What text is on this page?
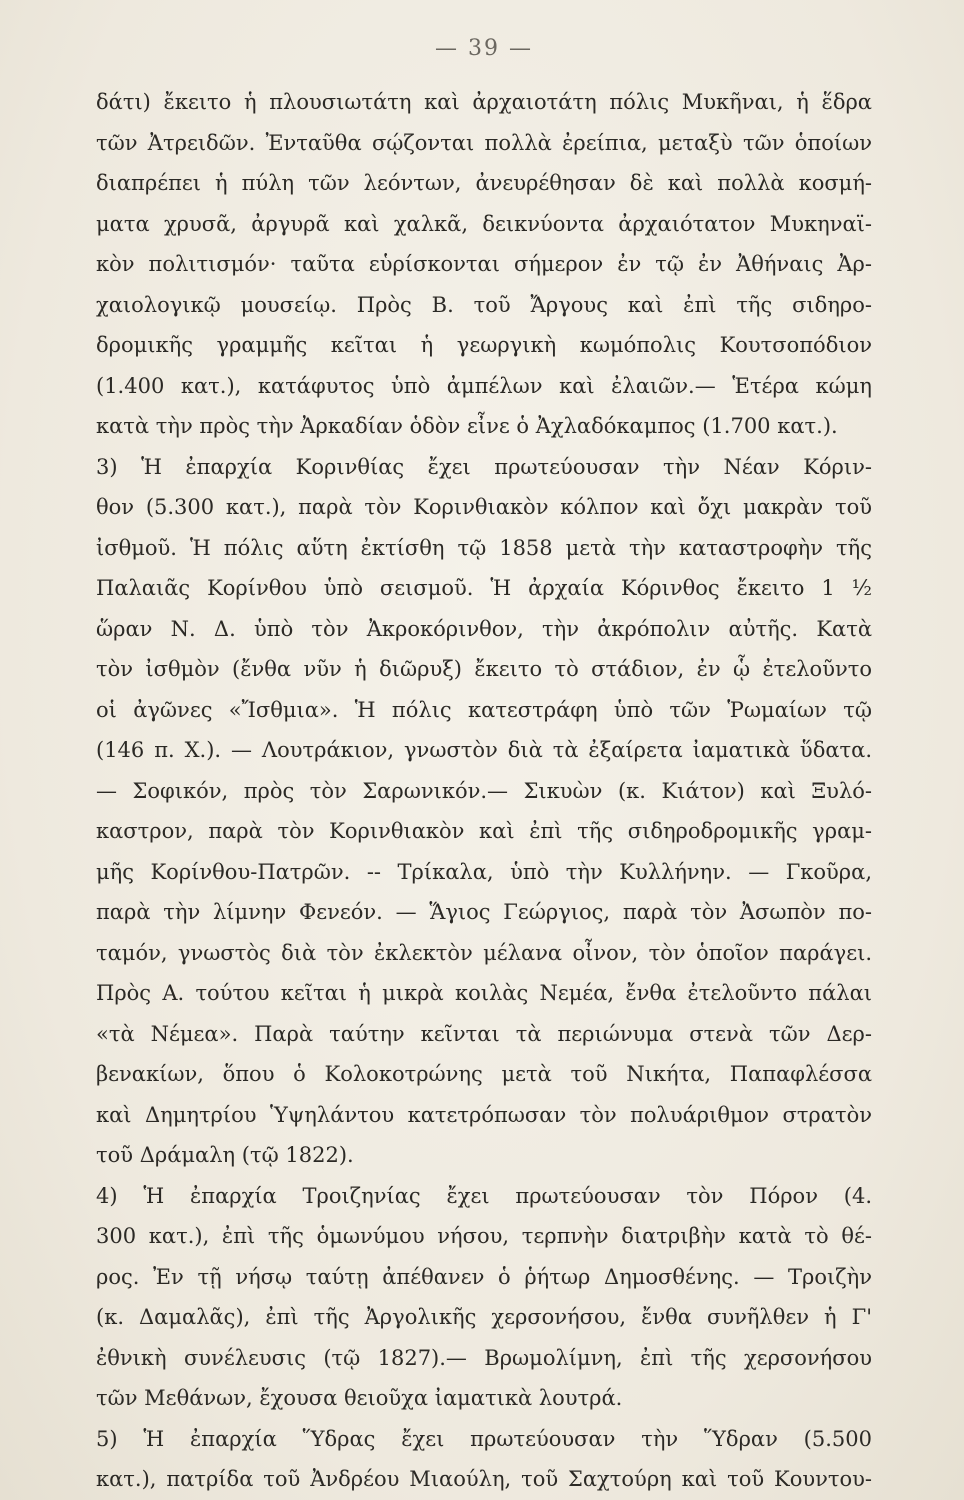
— 39 —
δάτι) ἔκειτο ἡ πλουσιωτάτη καὶ ἀρχαιοτάτη πόλις Μυκῆναι, ἡ ἕδρα
τῶν Ἀτρειδῶν. Ἐνταῦθα σῴζονται πολλὰ ἐρείπια, μεταξὺ τῶν ὁποίων
διαπρέπει ἡ πύλη τῶν λεόντων, ἀνευρέθησαν δὲ καὶ πολλὰ κοσμή-
ματα χρυσᾶ, ἀργυρᾶ καὶ χαλκᾶ, δεικνύοντα ἀρχαιότατον Μυκηναϊ-
κὸν πολιτισμόν· ταῦτα εὑρίσκονται σήμερον ἐν τῷ ἐν Ἀθήναις Ἀρ-
χαιολογικῷ μουσείῳ. Πρὸς Β. τοῦ Ἄργους καὶ ἐπὶ τῆς σιδηρο-
δρομικῆς γραμμῆς κεῖται ἡ γεωργικὴ κωμόπολις Κουτσοπόδιον
(1.400 κατ.), κατάφυτος ὑπὸ ἀμπέλων καὶ ἐλαιῶν.— Ἑτέρα κώμη
κατὰ τὴν πρὸς τὴν Ἀρκαδίαν ὁδὸν εἶνε ὁ Ἀχλαδόκαμπος (1.700 κατ.).
3) Ἡ ἐπαρχία Κορινθίας ἔχει πρωτεύουσαν τὴν Νέαν Κόριν-
θον (5.300 κατ.), παρὰ τὸν Κορινθιακὸν κόλπον καὶ ὄχι μακρὰν τοῦ
ἰσθμοῦ. Ἡ πόλις αὕτη ἐκτίσθη τῷ 1858 μετὰ τὴν καταστροφὴν τῆς
Παλαιᾶς Κορίνθου ὑπὸ σεισμοῦ. Ἡ ἀρχαία Κόρινθος ἔκειτο 1 ½
ὥραν Ν. Δ. ὑπὸ τὸν Ἀκροκόρινθον, τὴν ἀκρόπολιν αὐτῆς. Κατὰ
τὸν ἰσθμὸν (ἔνθα νῦν ἡ διῶρυξ) ἔκειτο τὸ στάδιον, ἐν ᾧ ἐτελοῦντο
οἱ ἀγῶνες «Ἴσθμια». Ἡ πόλις κατεστράφη ὑπὸ τῶν Ῥωμαίων τῷ
(146 π. Χ.). — Λουτράκιον, γνωστὸν διὰ τὰ ἐξαίρετα ἰαματικὰ ὕδατα.
— Σοφικόν, πρὸς τὸν Σαρωνικόν.— Σικυὼν (κ. Κιάτον) καὶ Ξυλό-
καστρον, παρὰ τὸν Κορινθιακὸν καὶ ἐπὶ τῆς σιδηροδρομικῆς γραμ-
μῆς Κορίνθου-Πατρῶν. -- Τρίκαλα, ὑπὸ τὴν Κυλλήνην. — Γκοῦρα,
παρὰ τὴν λίμνην Φενεόν. — Ἅγιος Γεώργιος, παρὰ τὸν Ἀσωπὸν πο-
ταμόν, γνωστὸς διὰ τὸν ἐκλεκτὸν μέλανα οἶνον, τὸν ὁποῖον παράγει.
Πρὸς Α. τούτου κεῖται ἡ μικρὰ κοιλὰς Νεμέα, ἔνθα ἐτελοῦντο πάλαι
«τὰ Νέμεα». Παρὰ ταύτην κεῖνται τὰ περιώνυμα στενὰ τῶν Δερ-
βενακίων, ὅπου ὁ Κολοκοτρώνης μετὰ τοῦ Νικήτα, Παπαφλέσσα
καὶ Δημητρίου Ὑψηλάντου κατετρόπωσαν τὸν πολυάριθμον στρατὸν
τοῦ Δράμαλη (τῷ 1822).
4) Ἡ ἐπαρχία Τροιζηνίας ἔχει πρωτεύουσαν τὸν Πόρον (4.
300 κατ.), ἐπὶ τῆς ὁμωνύμου νήσου, τερπνὴν διατριβὴν κατὰ τὸ θέ-
ρος. Ἐν τῇ νήσῳ ταύτῃ ἀπέθανεν ὁ ῥήτωρ Δημοσθένης. — Τροιζὴν
(κ. Δαμαλᾶς), ἐπὶ τῆς Ἀργολικῆς χερσονήσου, ἔνθα συνῆλθεν ἡ Γ'
ἐθνικὴ συνέλευσις (τῷ 1827).— Βρωμολίμνη, ἐπὶ τῆς χερσονήσου
τῶν Μεθάνων, ἔχουσα θειοῦχα ἰαματικὰ λουτρά.
5) Ἡ ἐπαρχία Ὕδρας ἔχει πρωτεύουσαν τὴν Ὕδραν (5.500
κατ.), πατρίδα τοῦ Ἀνδρέου Μιαούλη, τοῦ Σαχτούρη καὶ τοῦ Κουντου-
